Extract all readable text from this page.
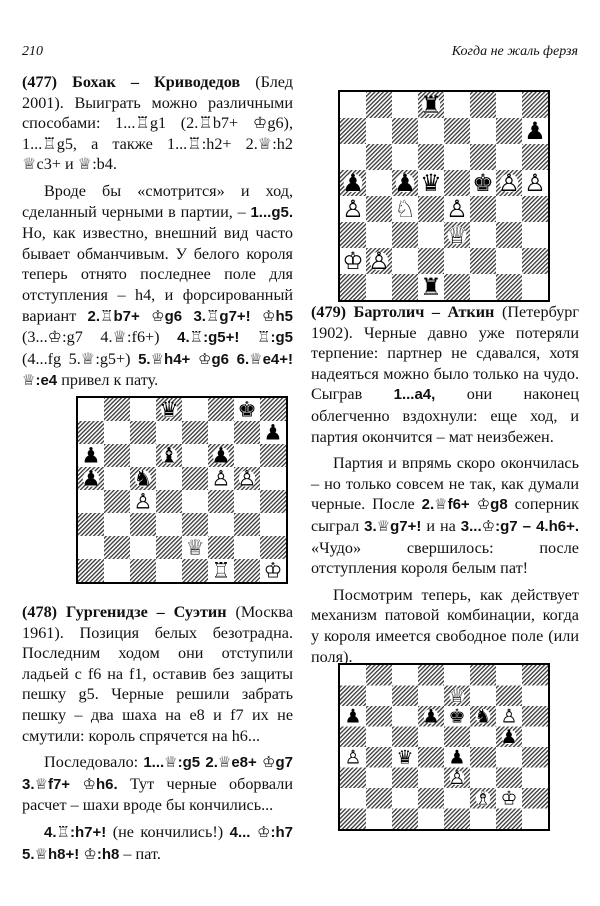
210	Когда не жаль ферзя

(477) Бохак – Криводедов (Блед 2001). Выиграть можно различными способами: 1...♖g1 (2.♖b7+ ♔g6), 1...♖g5, а также 1...♖:h2+ 2.♕:h2 ♕c3+ и ♕:b4.

Вроде бы «смотрится» и ход, сделанный черными в партии, – 1...g5. Но, как известно, внешний вид часто бывает обманчивым. У белого короля теперь отнято последнее поле для отступления – h4, и форсированный вариант 2.♖b7+ ♔g6 3.♖g7+! ♔h5 (3...♔:g7 4.♕:f6+) 4.♖:g5+! ♖:g5 (4...fg 5.♕:g5+) 5.♕h4+ ♔g6 6.♕e4+! ♕:e4 привел к пату.

(478) Гургенидзе – Суэтин (Москва 1961). Позиция белых безотрадна. Последним ходом они отступили ладьей с f6 на f1, оставив без защиты пешку g5. Черные решили забрать пешку – два шаха на e8 и f7 их не смутили: король спрячется на h6...

Последовало: 1...♕:g5 2.♕e8+ ♔g7 3.♕f7+ ♔h6. Тут черные оборвали расчет – шахи вроде бы кончились...

4.♖:h7+! (не кончились!) 4... ♔:h7 5.♕h8+! ♔:h8 – пат.

(479) Бартолич – Аткин (Петербург 1902). Черные давно уже потеряли терпение: партнер не сдавался, хотя надеяться можно было только на чудо. Сыграв 1...a4, они наконец облегченно вздохнули: еще ход, и партия окончится – мат неизбежен.

Партия и впрямь скоро окончилась – но только совсем не так, как думали черные. После 2.♕f6+ ♔g8 соперник сыграл 3.♕g7+! и на 3...♔:g7 – 4.h6+. «Чудо» свершилось: после отступления короля белым пат!

Посмотрим теперь, как действует механизм патовой комбинации, когда у короля имеется свободное поле (или поля).

♜
♟
♟ ♟ ♛ ♚ ♙ ♙
♙ ♘ ♙
♕
♔ ♙
♜
♛	♚
♟
♟	♝ ♟
♟ ♞	♙ ♙
♙
♕
♖ ♔
♕
♟	♟ ♚ ♞ ♙
♟
♙ ♛ ♟
♙
♗ ♔
